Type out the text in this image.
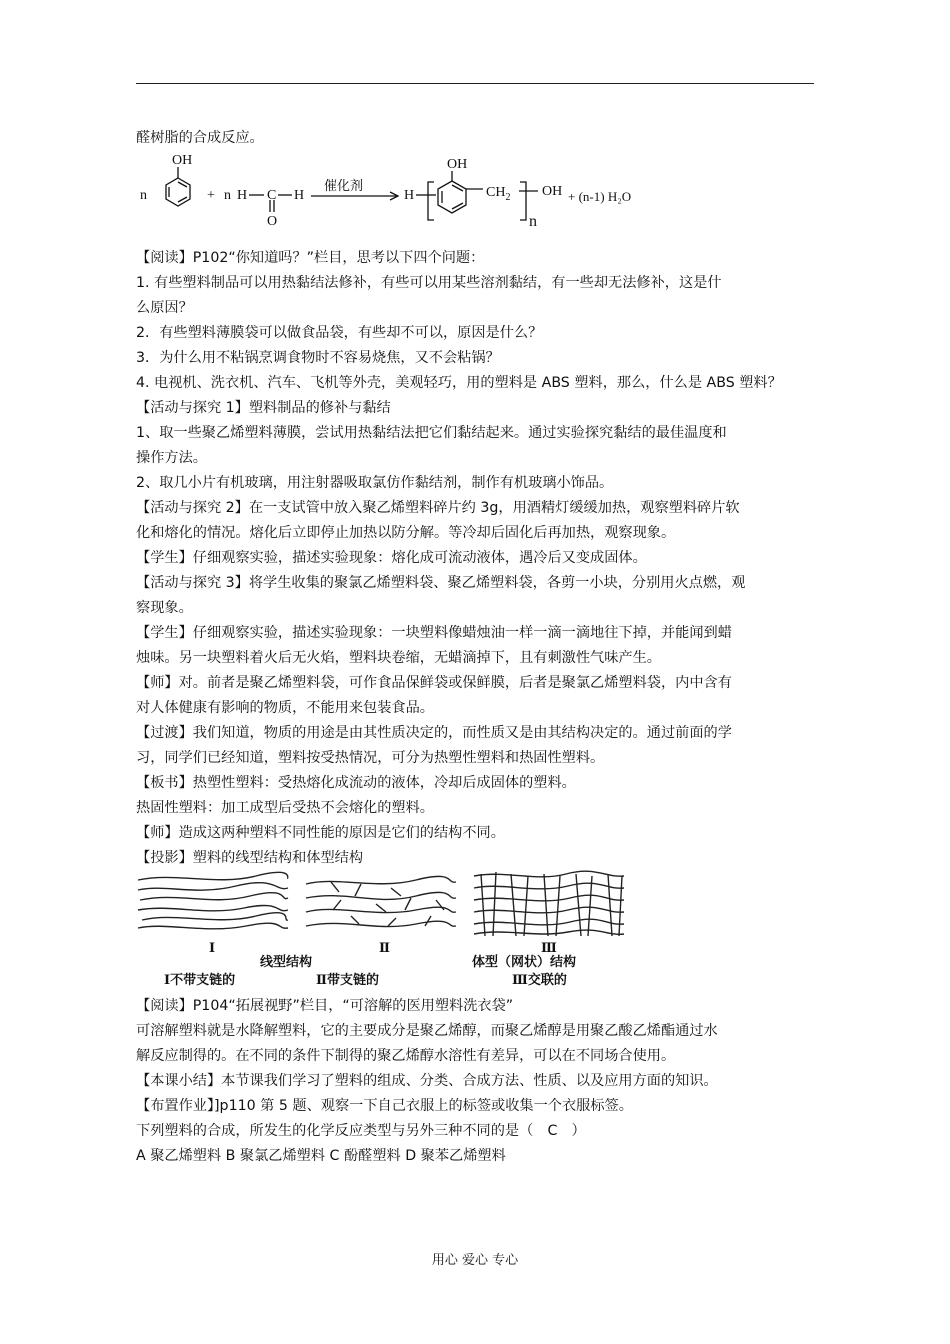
醛树脂的合成反应。
n
OH
+ n H C H
O
H
OH
$CH_2$ OH
n
+ (n-1) H₂O
催化剂
【阅读】P102“你知道吗？”栏目，思考以下四个问题：
1. 有些塑料制品可以用热黏结法修补，有些可以用某些溶剂黏结，有一些却无法修补，这是什
么原因？
2．有些塑料薄膜袋可以做食品袋，有些却不可以，原因是什么？
3．为什么用不粘锅烹调食物时不容易烧焦，又不会粘锅？
4. 电视机、洗衣机、汽车、飞机等外壳，美观轻巧，用的塑料是 ABS 塑料，那么，什么是 ABS 塑料？
【活动与探究 1】塑料制品的修补与黏结
1、取一些聚乙烯塑料薄膜，尝试用热黏结法把它们黏结起来。通过实验探究黏结的最佳温度和
操作方法。
2、取几小片有机玻璃，用注射器吸取氯仿作黏结剂，制作有机玻璃小饰品。
【活动与探究 2】在一支试管中放入聚乙烯塑料碎片约 3g，用酒精灯缓缓加热，观察塑料碎片软
化和熔化的情况。熔化后立即停止加热以防分解。等冷却后固化后再加热，观察现象。
【学生】仔细观察实验，描述实验现象：熔化成可流动液体，遇冷后又变成固体。
【活动与探究 3】将学生收集的聚氯乙烯塑料袋、聚乙烯塑料袋，各剪一小块，分别用火点燃，观
察现象。
【学生】仔细观察实验，描述实验现象：一块塑料像蜡烛油一样一滴一滴地往下掉，并能闻到蜡
烛味。另一块塑料着火后无火焰，塑料块卷缩，无蜡滴掉下，且有刺激性气味产生。
【师】对。前者是聚乙烯塑料袋，可作食品保鲜袋或保鲜膜，后者是聚氯乙烯塑料袋，内中含有
对人体健康有影响的物质，不能用来包装食品。
【过渡】我们知道，物质的用途是由其性质决定的，而性质又是由其结构决定的。通过前面的学
习，同学们已经知道，塑料按受热情况，可分为热塑性塑料和热固性塑料。
【板书】热塑性塑料：受热熔化成流动的液体，冷却后成固体的塑料。
热固性塑料：加工成型后受热不会熔化的塑料。
【师】造成这两种塑料不同性能的原因是它们的结构不同。
【投影】塑料的线型结构和体型结构
Ⅰ	Ⅱ	Ⅲ
线型结构	体型（网状）结构
Ⅰ不带支链的	Ⅱ带支链的	Ⅲ交联的
【阅读】P104“拓展视野”栏目，“可溶解的医用塑料洗衣袋”
可溶解塑料就是水降解塑料，它的主要成分是聚乙烯醇，而聚乙烯醇是用聚乙酸乙烯酯通过水
解反应制得的。在不同的条件下制得的聚乙烯醇水溶性有差异，可以在不同场合使用。
【本课小结】本节课我们学习了塑料的组成、分类、合成方法、性质、以及应用方面的知识。
【布置作业】]p110 第 5 题、观察一下自己衣服上的标签或收集一个衣服标签。
下列塑料的合成，所发生的化学反应类型与另外三种不同的是（　C　）
A 聚乙烯塑料 B 聚氯乙烯塑料 C 酚醛塑料 D 聚苯乙烯塑料
用心 爱心 专心
